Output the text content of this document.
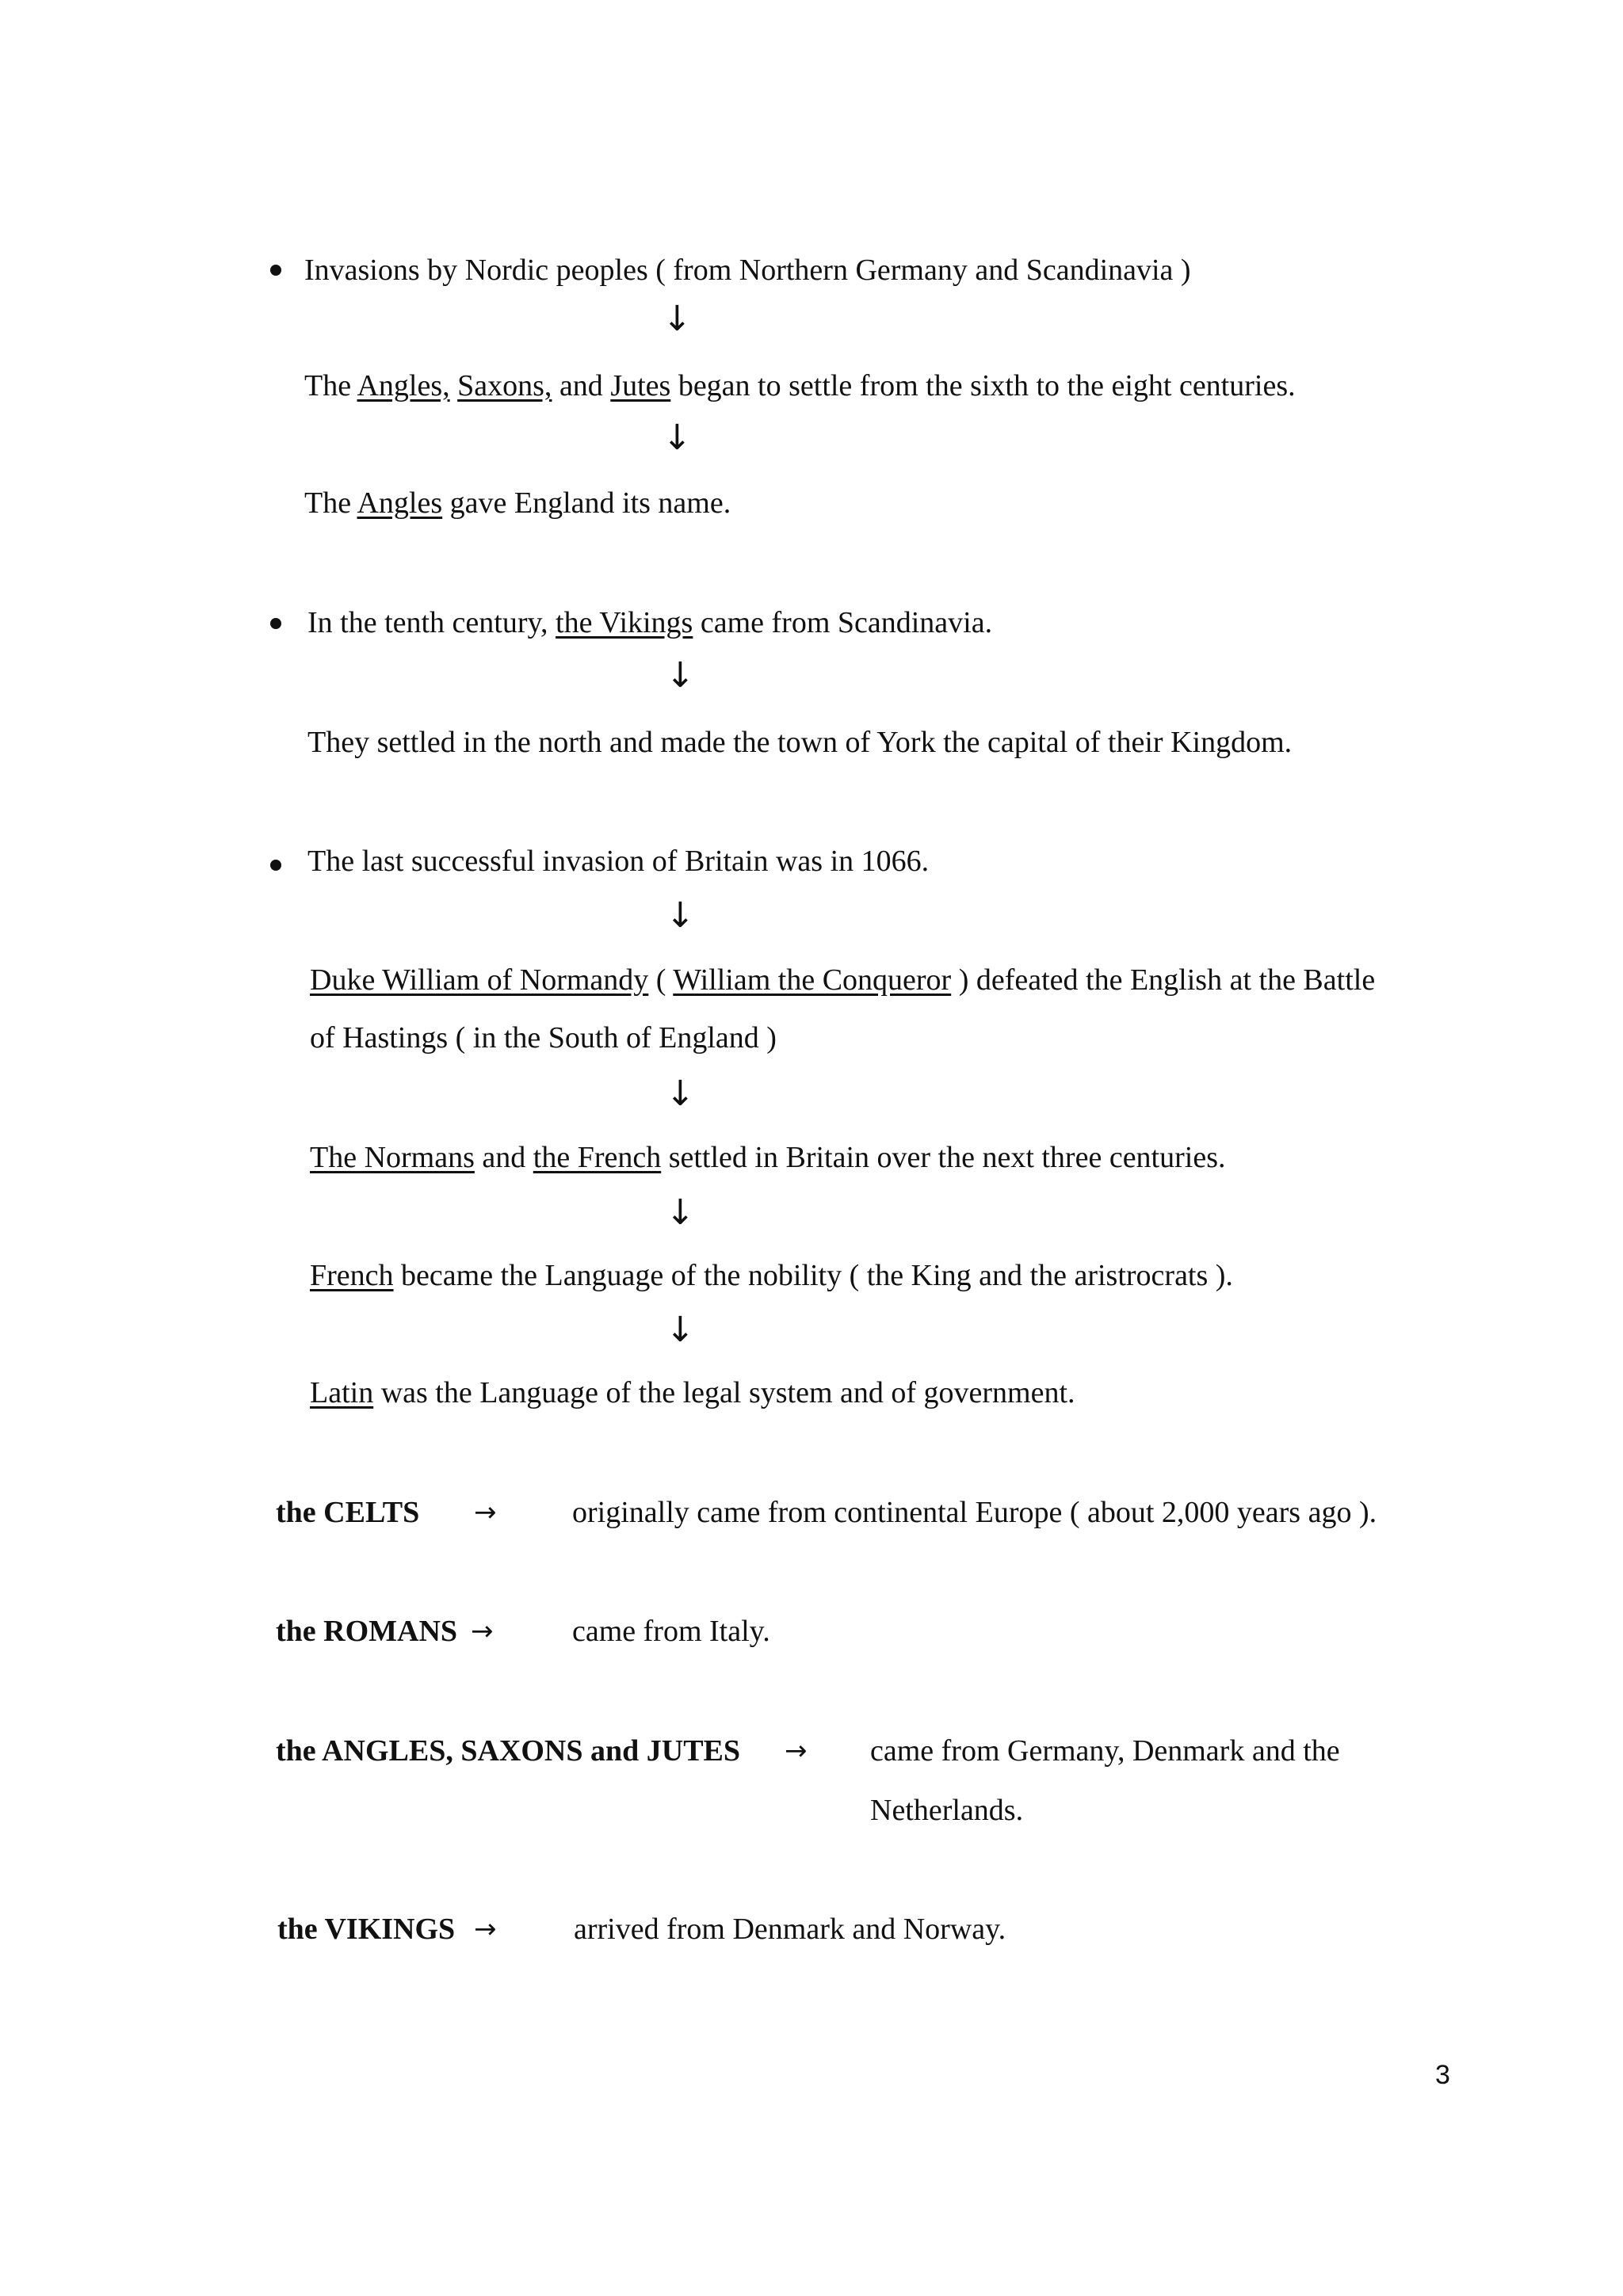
Invasions by Nordic peoples ( from Northern Germany and Scandinavia )
↓
The Angles, Saxons, and Jutes began to settle from the sixth to the eight centuries.
↓
The Angles gave England its name.
In the tenth century, the Vikings came from Scandinavia.
↓
They settled in the north and made the town of York the capital of their Kingdom.
The last successful invasion of Britain was in 1066.
↓
Duke William of Normandy ( William the Conqueror ) defeated the English at the Battle
of Hastings ( in the South of England )
↓
The Normans and the French settled in Britain over the next three centuries.
↓
French became the Language of the nobility ( the King and the aristrocrats ).
↓
Latin was the Language of the legal system and of government.
the CELTS →	originally came from continental Europe ( about 2,000 years ago ).
the ROMANS →	came from Italy.
the ANGLES, SAXONS and JUTES → came from Germany, Denmark and the
Netherlands.
the VIKINGS →	arrived from Denmark and Norway.
3
